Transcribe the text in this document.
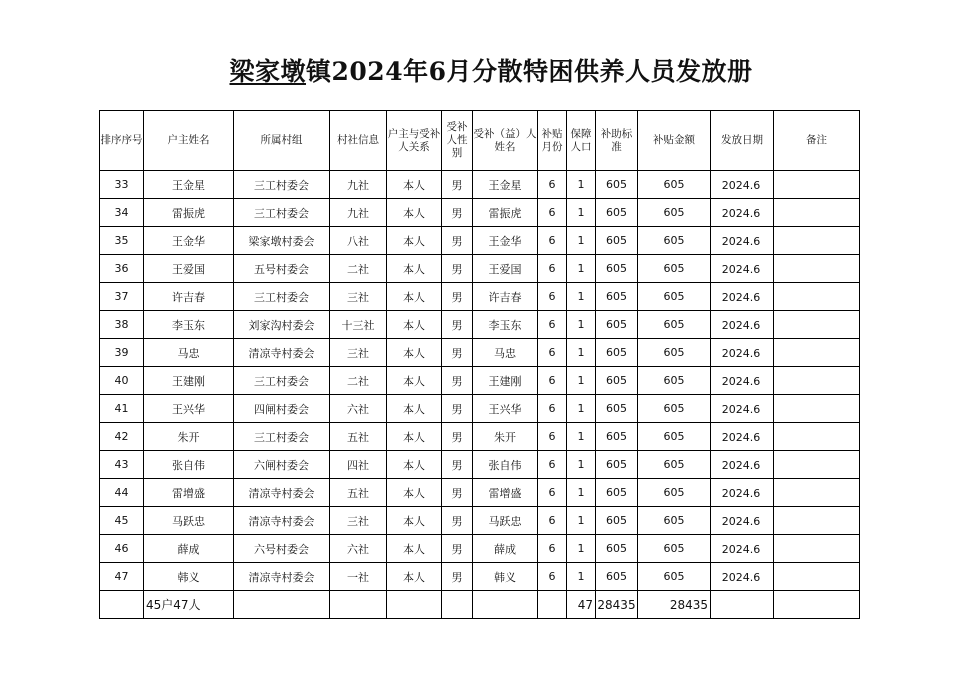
梁家墩镇2024年6月分散特困供养人员发放册
排序序号	户主姓名	所属村组	村社信息	户主与受补人关系	受补人性别	受补（益）人姓名	补贴月份	保障人口	补助标准	补贴金额	发放日期	备注
33	王金星	三工村委会	九社	本人	男	王金星	6	1	605	605	2024.6	

34	雷振虎	三工村委会	九社	本人	男	雷振虎	6	1	605	605	2024.6	

35	王金华	梁家墩村委会	八社	本人	男	王金华	6	1	605	605	2024.6	

36	王爱国	五号村委会	二社	本人	男	王爱国	6	1	605	605	2024.6	

37	许吉春	三工村委会	三社	本人	男	许吉春	6	1	605	605	2024.6	

38	李玉东	刘家沟村委会	十三社	本人	男	李玉东	6	1	605	605	2024.6	

39	马忠	清凉寺村委会	三社	本人	男	马忠	6	1	605	605	2024.6	

40	王建刚	三工村委会	二社	本人	男	王建刚	6	1	605	605	2024.6	

41	王兴华	四闸村委会	六社	本人	男	王兴华	6	1	605	605	2024.6	

42	朱开	三工村委会	五社	本人	男	朱开	6	1	605	605	2024.6	

43	张自伟	六闸村委会	四社	本人	男	张自伟	6	1	605	605	2024.6	

44	雷增盛	清凉寺村委会	五社	本人	男	雷增盛	6	1	605	605	2024.6	

45	马跃忠	清凉寺村委会	三社	本人	男	马跃忠	6	1	605	605	2024.6	

46	薛成	六号村委会	六社	本人	男	薛成	6	1	605	605	2024.6	

47	韩义	清凉寺村委会	一社	本人	男	韩义	6	1	605	605	2024.6	

	45户47人							47	28435	28435		
